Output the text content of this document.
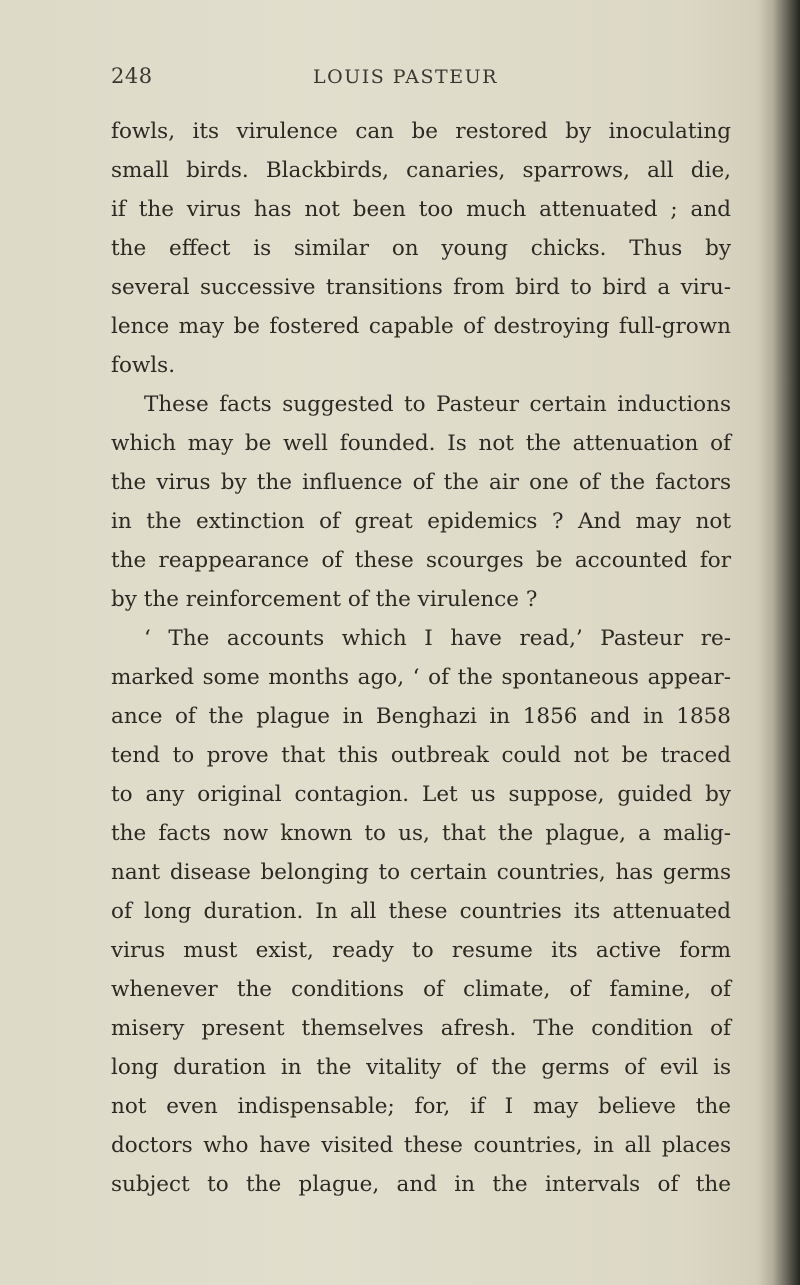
248	LOUIS PASTEUR
fowls, its virulence can be restored by inoculating
small birds. Blackbirds, canaries, sparrows, all die,
if the virus has not been too much attenuated ; and
the effect is similar on young chicks. Thus by
several successive transitions from bird to bird a viru-
lence may be fostered capable of destroying full-grown
fowls.
These facts suggested to Pasteur certain inductions
which may be well founded. Is not the attenuation of
the virus by the influence of the air one of the factors
in the extinction of great epidemics ? And may not
the reappearance of these scourges be accounted for
by the reinforcement of the virulence ?
‘ The accounts which I have read,’ Pasteur re-
marked some months ago, ‘ of the spontaneous appear-
ance of the plague in Benghazi in 1856 and in 1858
tend to prove that this outbreak could not be traced
to any original contagion. Let us suppose, guided by
the facts now known to us, that the plague, a malig-
nant disease belonging to certain countries, has germs
of long duration. In all these countries its attenuated
virus must exist, ready to resume its active form
whenever the conditions of climate, of famine, of
misery present themselves afresh. The condition of
long duration in the vitality of the germs of evil is
not even indispensable; for, if I may believe the
doctors who have visited these countries, in all places
subject to the plague, and in the intervals of the
